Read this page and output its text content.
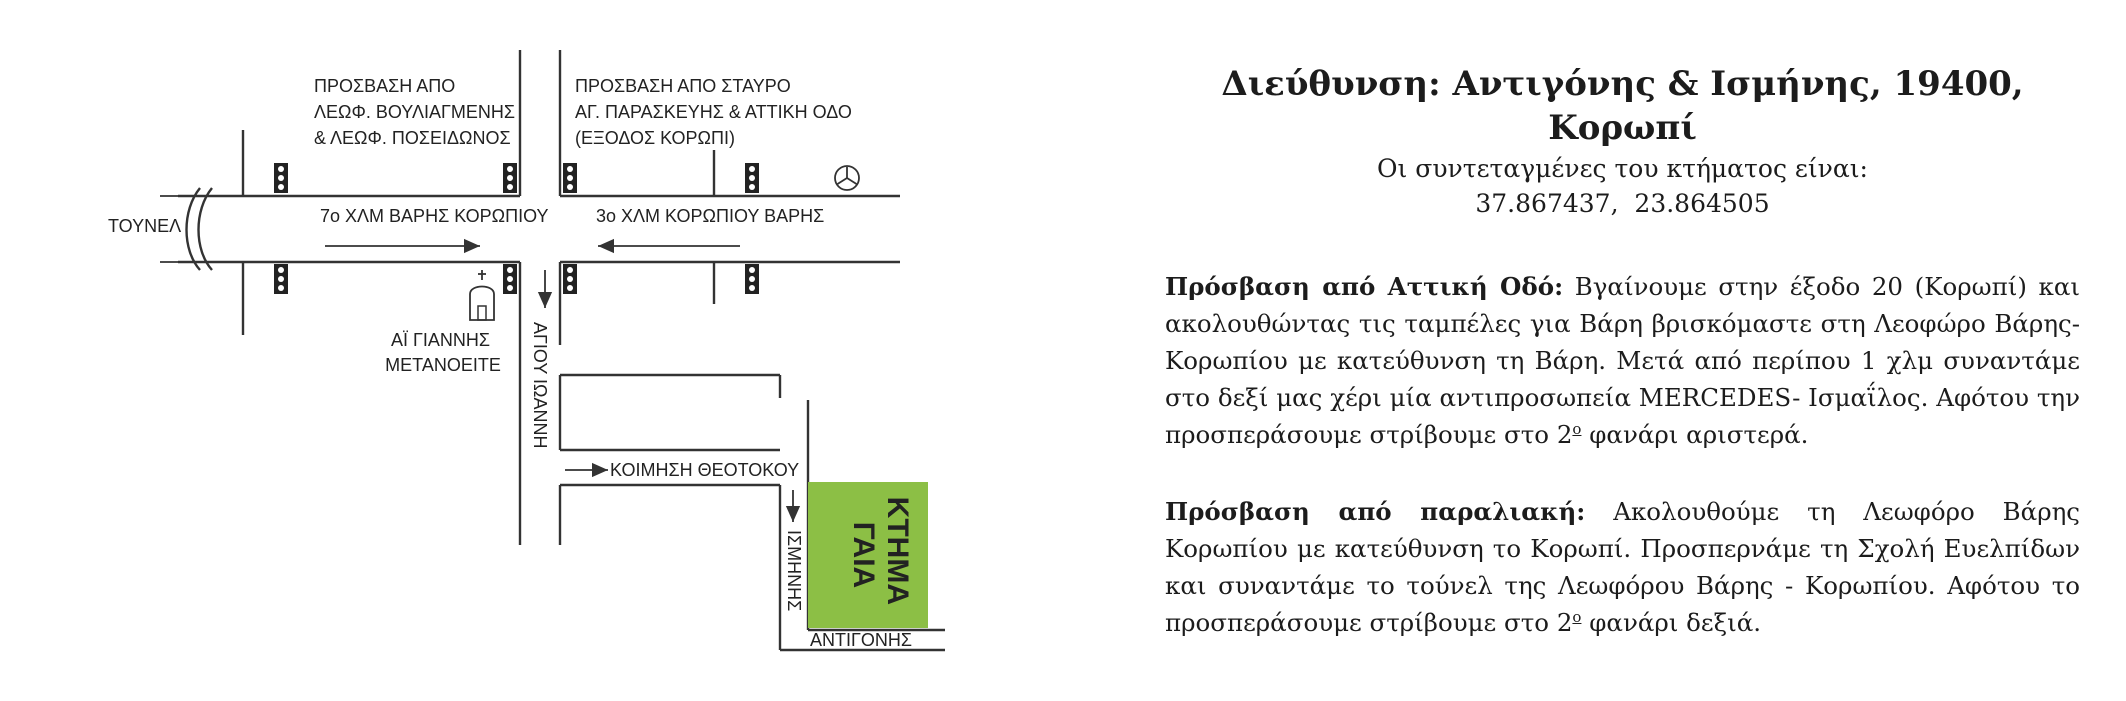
ΚΤΗΜΑ ΓΑΙΑ
ΠΡΟΣΒΑΣΗ ΑΠΟ ΛΕΩΦ. ΒΟΥΛΙΑΓΜΕΝΗΣ & ΛΕΩΦ. ΠΟΣΕΙΔΩΝΟΣ
ΠΡΟΣΒΑΣΗ ΑΠΟ ΣΤΑΥΡΟ ΑΓ. ΠΑΡΑΣΚΕΥΗΣ & ΑΤΤΙΚΗ ΟΔΟ (ΕΞΟΔΟΣ ΚΟΡΩΠΙ)
ΤΟΥΝΕΛ	7ο ΧΛΜ ΒΑΡΗΣ ΚΟΡΩΠΙΟΥ	3ο ΧΛΜ ΚΟΡΩΠΙΟΥ ΒΑΡΗΣ
ΑΪ ΓΙΑΝΝΗΣ ΜΕΤΑΝΟΕΙΤΕ ΑΓΙΟΥ ΙΩΑΝΝΗ
ΚΟΙΜΗΣΗ ΘΕΟΤΟΚΟΥ
ΙΣΜΗΝΗΣ
ΑΝΤΙΓΟΝΗΣ

Διεύθυνση: Αντιγόνης & Ισμήνης, 19400, Κορωπί

Οι συντεταγμένες του κτήματος είναι:

37.867437,  23.864505

Πρόσβαση από Αττική Οδό: Βγαίνουμε στην έξοδο 20 (Κορωπί) και ακολουθώντας τις ταμπέλες για Βάρη βρισκόμαστε στη Λεοφώρο Βάρης- Κορωπίου με κατεύθυνση τη Βάρη. Μετά από περίπου 1 χλμ συναντάμε στο δεξί μας χέρι μία αντιπροσωπεία MERCEDES- Ισμαΐλος. Αφότου την προσπεράσουμε στρίβουμε στο $2^o$ φανάρι αριστερά.

Πρόσβαση από παραλιακή: Ακολουθούμε τη Λεωφόρο Βάρης Κορωπίου με κατεύθυνση το Κορωπί. Προσπερνάμε τη Σχολή Ευελπίδων και συναντάμε το τούνελ της Λεωφόρου Βάρης - Κορωπίου. Αφότου το προσπεράσουμε στρίβουμε στο $2^o$ φανάρι δεξιά.
